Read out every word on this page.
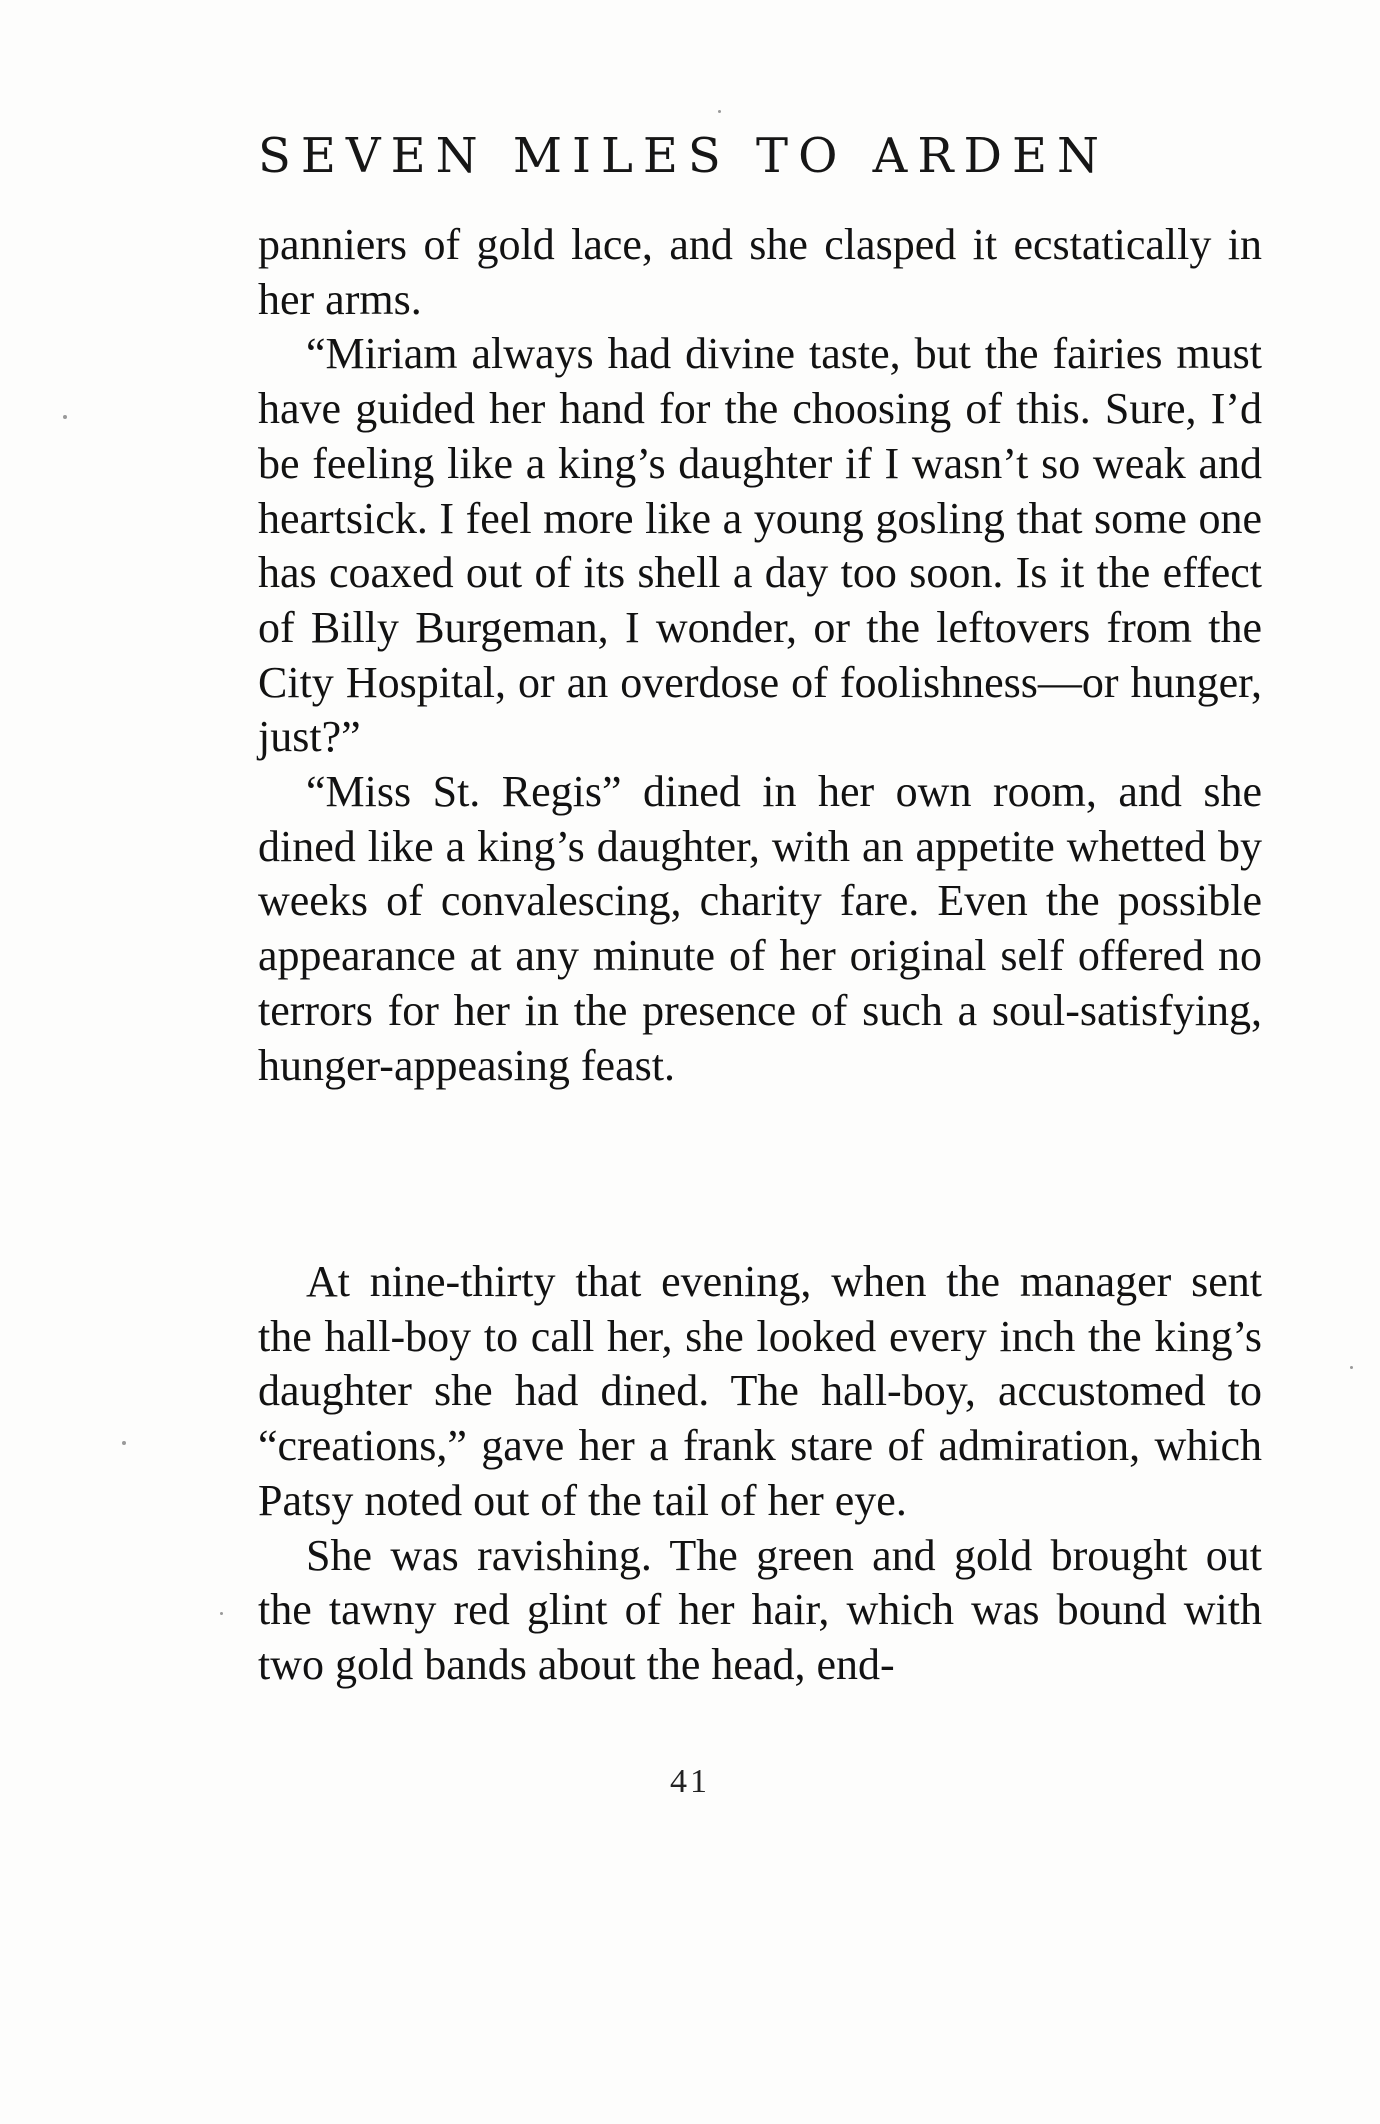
SEVEN MILES TO ARDEN

panniers of gold lace, and she clasped it ecstatically in her arms.

“Miriam always had divine taste, but the fairies must have guided her hand for the choosing of this. Sure, I’d be feeling like a king’s daughter if I wasn’t so weak and heartsick. I feel more like a young gosling that some one has coaxed out of its shell a day too soon. Is it the effect of Billy Burgeman, I wonder, or the leftovers from the City Hospital, or an overdose of foolishness—or hunger, just?”

“Miss St. Regis” dined in her own room, and she dined like a king’s daughter, with an appetite whetted by weeks of convalescing, charity fare. Even the possible appearance at any minute of her original self offered no terrors for her in the presence of such a soul-satisfying, hunger-appeasing feast.

At nine-thirty that evening, when the manager sent the hall-boy to call her, she looked every inch the king’s daughter she had dined. The hall-boy, accustomed to “creations,” gave her a frank stare of admiration, which Patsy noted out of the tail of her eye.

She was ravishing. The green and gold brought out the tawny red glint of her hair, which was bound with two gold bands about the head, end-

41
